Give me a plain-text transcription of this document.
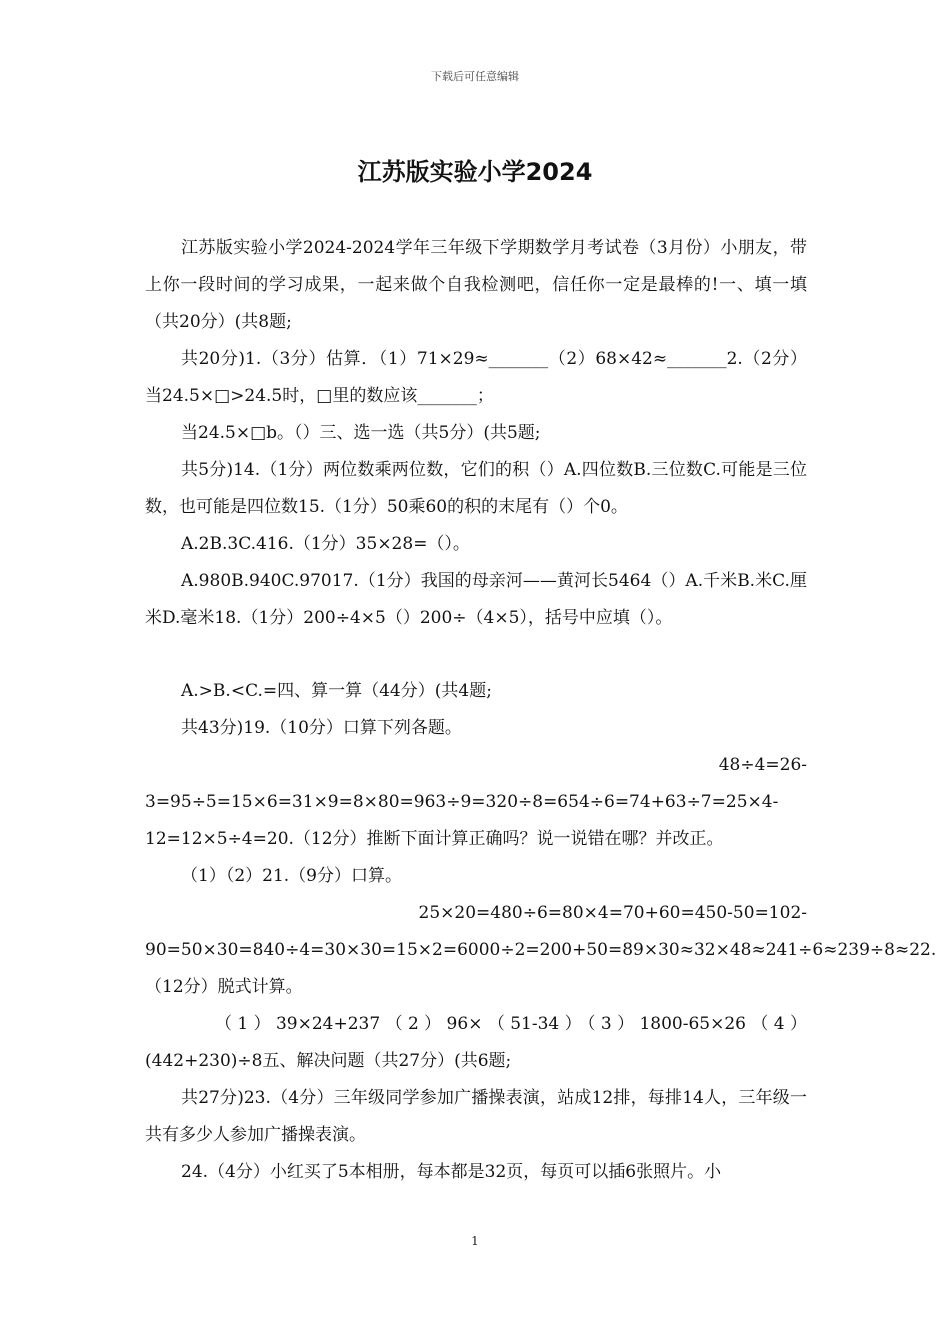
下载后可任意编辑
江苏版实验小学2024

江苏版实验小学2024-2024学年三年级下学期数学月考试卷（3月份）小朋友，带上你一段时间的学习成果，一起来做个自我检测吧，信任你一定是最棒的!一、填一填（共20分）(共8题;

共20分)1.（3分）估算．（1）71×29≈_______（2）68×42≈_______2.（2分）当24.5×□>24.5时，□里的数应该_______；

当24.5×□b。（）三、选一选（共5分）(共5题;

共5分)14.（1分）两位数乘两位数，它们的积（）A.四位数B.三位数C.可能是三位数，也可能是四位数15.（1分）50乘60的积的末尾有（）个0。

A.2B.3C.416.（1分）35×28=（）。

A.980B.940C.97017.（1分）我国的母亲河——黄河长5464（）A.千米B.米C.厘米D.毫米18.（1分）200÷4×5（）200÷（4×5），括号中应填（）。

A.>B.<C.=四、算一算（44分）(共4题;

共43分)19.（10分）口算下列各题。

48÷4=26-

3=95÷5=15×6=31×9=8×80=963÷9=320÷8=654÷6=74+63÷7=25×4-12=12×5÷4=20.（12分）推断下面计算正确吗？说一说错在哪？并改正。

（1）（2）21.（9分）口算。

25×20=480÷6=80×4=70+60=450-50=102-

90=50×30=840÷4=30×30=15×2=6000÷2=200+50=89×30≈32×48≈241÷6≈239÷8≈22.（12分）脱式计算。

（1）39×24+237（2）96×（51-34）（3）1800-65×26（4）(442+230)÷8五、解决问题（共27分）(共6题;

共27分)23.（4分）三年级同学参加广播操表演，站成12排，每排14人，三年级一共有多少人参加广播操表演。

24.（4分）小红买了5本相册，每本都是32页，每页可以插6张照片。小

1
